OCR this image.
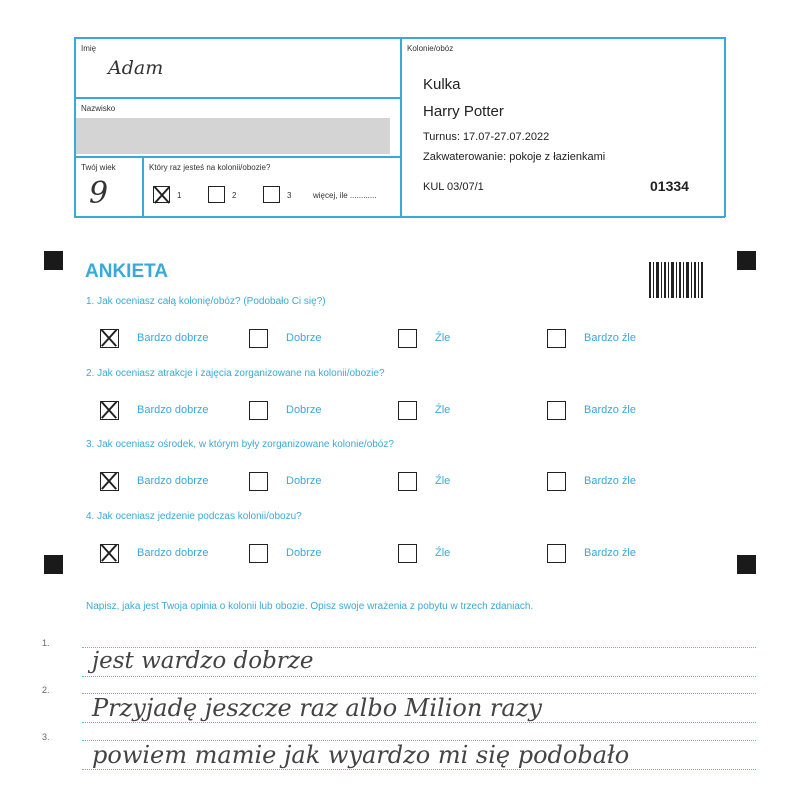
Imię
Adam
Nazwisko
Twój wiek
9
Który raz jesteś na kolonii/obozie?
1	2	3	więcej, ile ............
Kolonie/obóz
Kulka
Harry Potter
Turnus: 17.07-27.07.2022
Zakwaterowanie: pokoje z łazienkami
KUL 03/07/1	01334
ANKIETA
1. Jak oceniasz całą kolonię/obóz? (Podobało Ci się?)
Bardzo dobrze	Dobrze	Źle	Bardzo źle
2. Jak oceniasz atrakcje i zajęcia zorganizowane na kolonii/obozie?
Bardzo dobrze	Dobrze	Źle	Bardzo źle
3. Jak oceniasz ośrodek, w którym były zorganizowane kolonie/obóz?
Bardzo dobrze	Dobrze	Źle	Bardzo źle
4. Jak oceniasz jedzenie podczas kolonii/obozu?
Bardzo dobrze	Dobrze	Źle	Bardzo źle
Napisz, jaka jest Twoja opinia o kolonii lub obozie. Opisz swoje wrażenia z pobytu w trzech zdaniach.
1.
2.
3.
jest wardzo dobrze
Przyjadę jeszcze raz albo Milion razy
powiem mamie jak wyardzo mi się podobało
